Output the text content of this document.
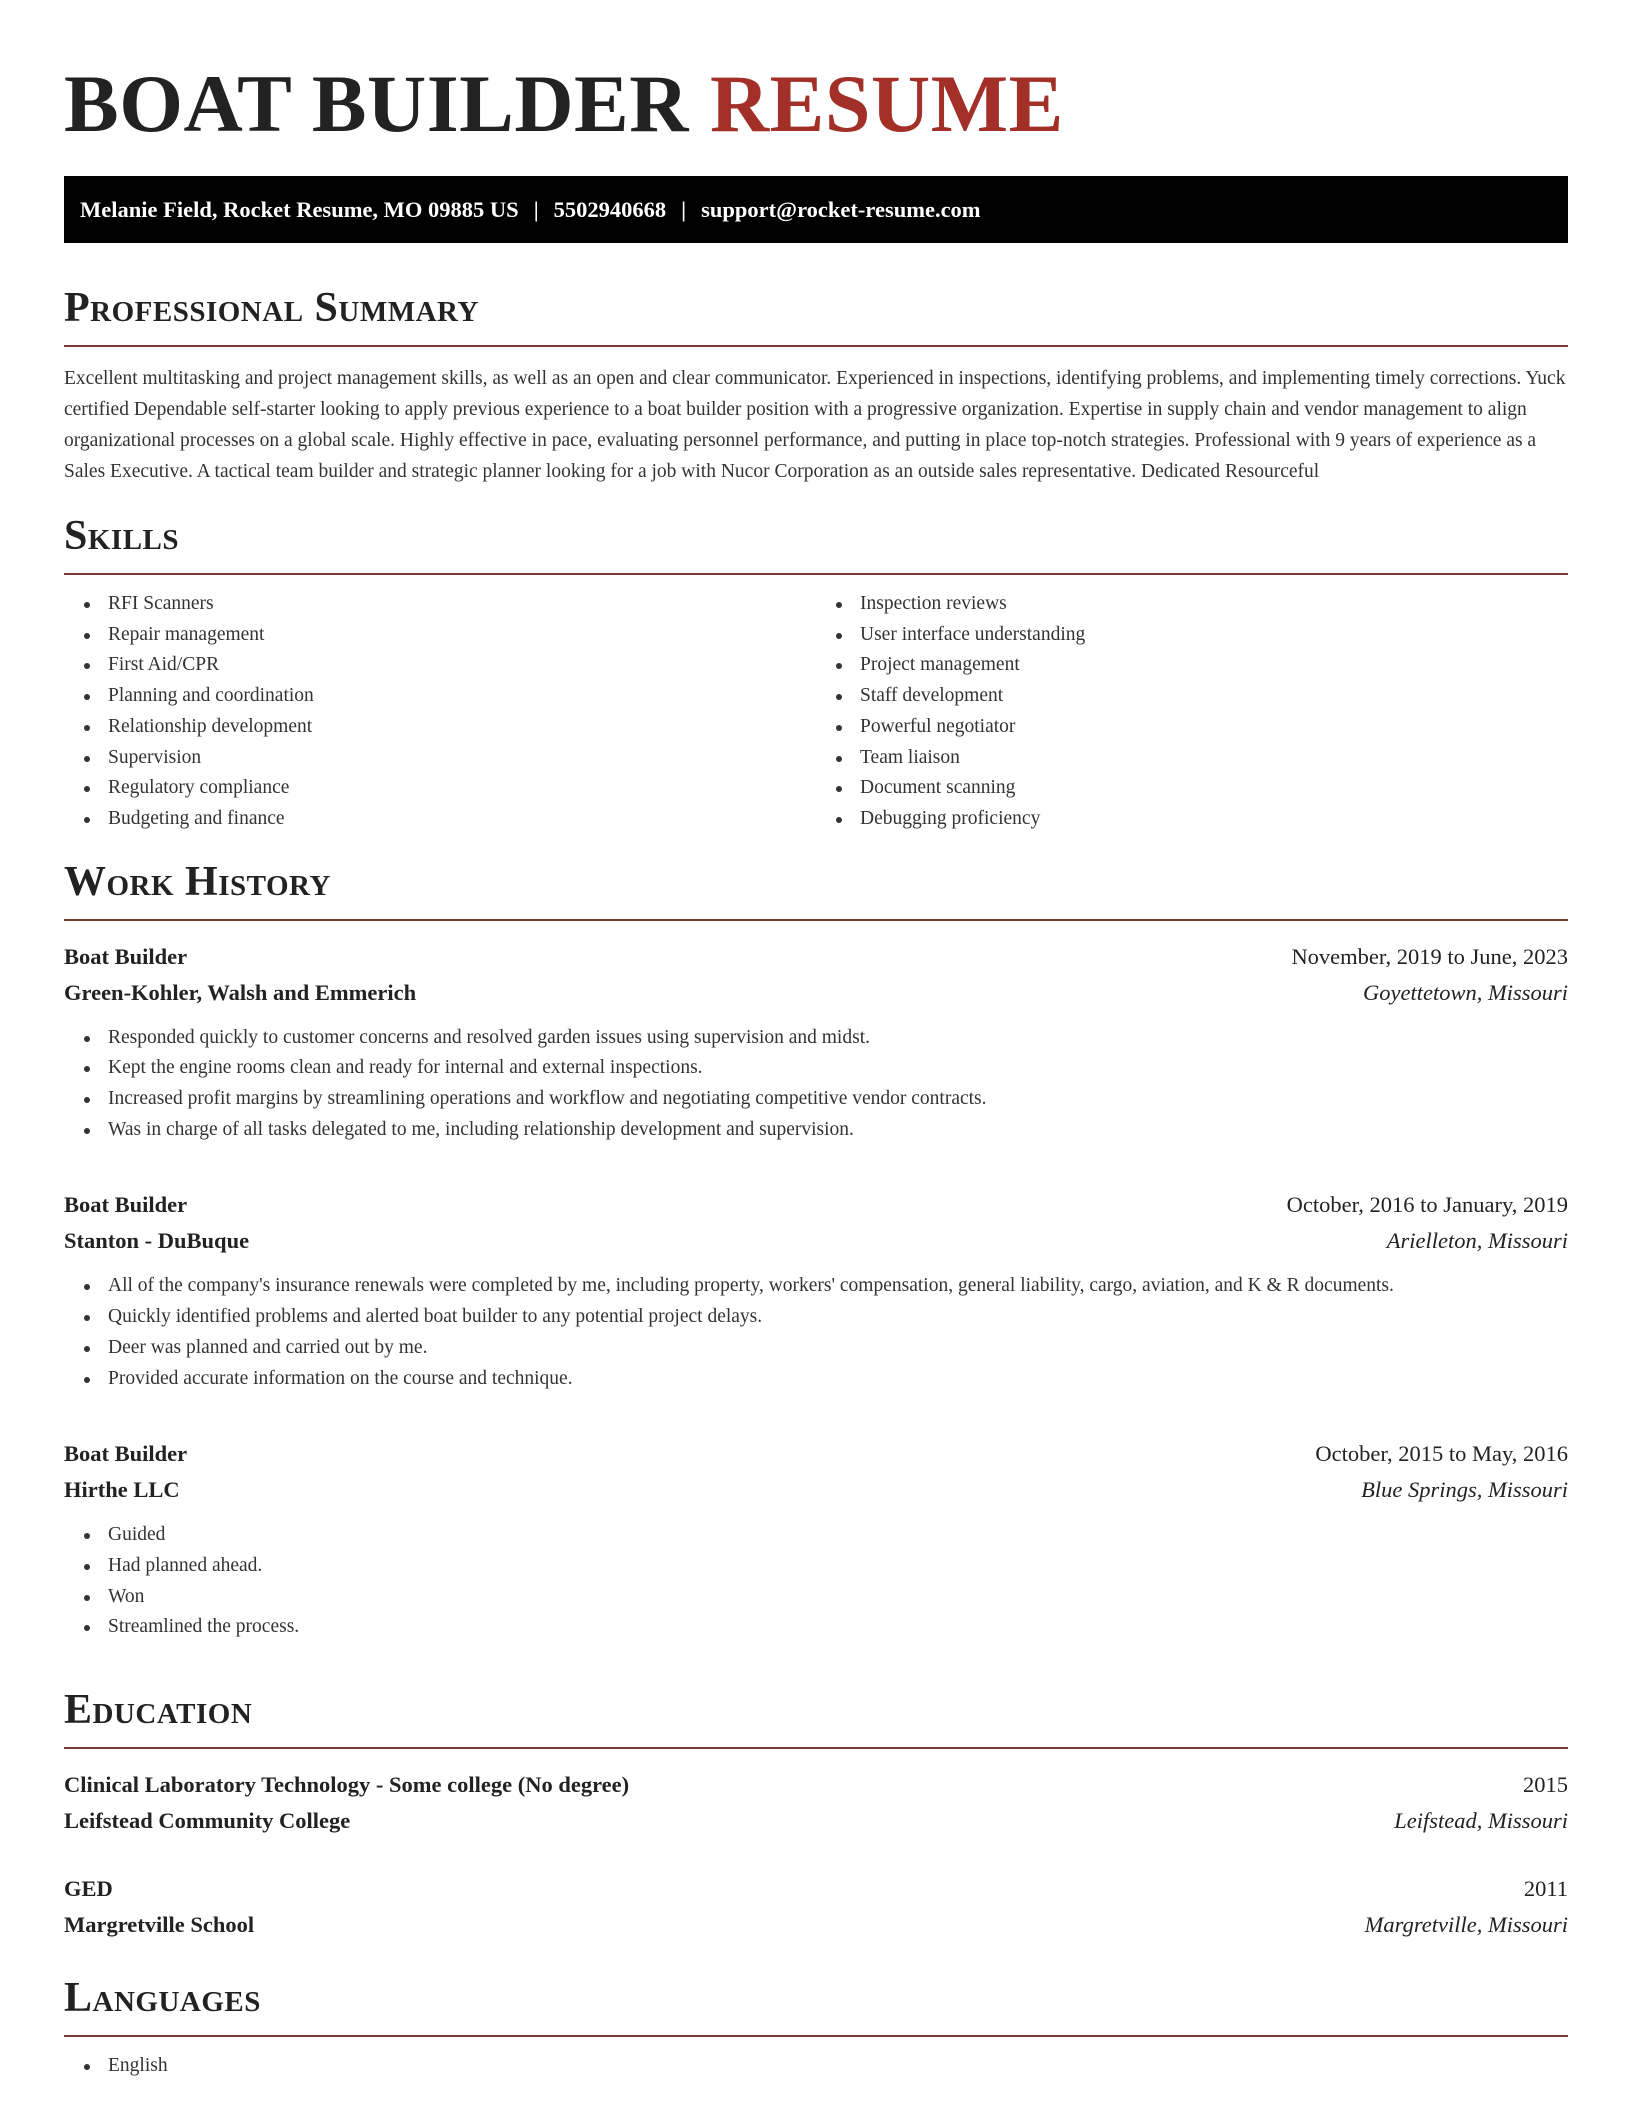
BOAT BUILDER RESUME
Melanie Field, Rocket Resume, MO 09885 US | 5502940668 | support@rocket-resume.com
Professional Summary

Excellent multitasking and project management skills, as well as an open and clear communicator. Experienced in inspections, identifying problems, and implementing timely corrections. Yuck certified Dependable self-starter looking to apply previous experience to a boat builder position with a progressive organization. Expertise in supply chain and vendor management to align organizational processes on a global scale. Highly effective in pace, evaluating personnel performance, and putting in place top-notch strategies. Professional with 9 years of experience as a Sales Executive. A tactical team builder and strategic planner looking for a job with Nucor Corporation as an outside sales representative. Dedicated Resourceful

Skills
RFI Scanners
Repair management
First Aid/CPR
Planning and coordination
Relationship development
Supervision
Regulatory compliance
Budgeting and finance
Inspection reviews
User interface understanding
Project management
Staff development
Powerful negotiator
Team liaison
Document scanning
Debugging proficiency
Work History
Boat Builder	November, 2019 to June, 2023
Green-Kohler, Walsh and Emmerich	Goyettetown, Missouri
Responded quickly to customer concerns and resolved garden issues using supervision and midst.
Kept the engine rooms clean and ready for internal and external inspections.
Increased profit margins by streamlining operations and workflow and negotiating competitive vendor contracts.
Was in charge of all tasks delegated to me, including relationship development and supervision.
Boat Builder	October, 2016 to January, 2019
Stanton - DuBuque	Arielleton, Missouri
All of the company's insurance renewals were completed by me, including property, workers' compensation, general liability, cargo, aviation, and K & R documents.
Quickly identified problems and alerted boat builder to any potential project delays.
Deer was planned and carried out by me.
Provided accurate information on the course and technique.
Boat Builder	October, 2015 to May, 2016
Hirthe LLC	Blue Springs, Missouri
Guided
Had planned ahead.
Won
Streamlined the process.
Education
Clinical Laboratory Technology - Some college (No degree)	2015
Leifstead Community College	Leifstead, Missouri
GED	2011
Margretville School	Margretville, Missouri
Languages
English
